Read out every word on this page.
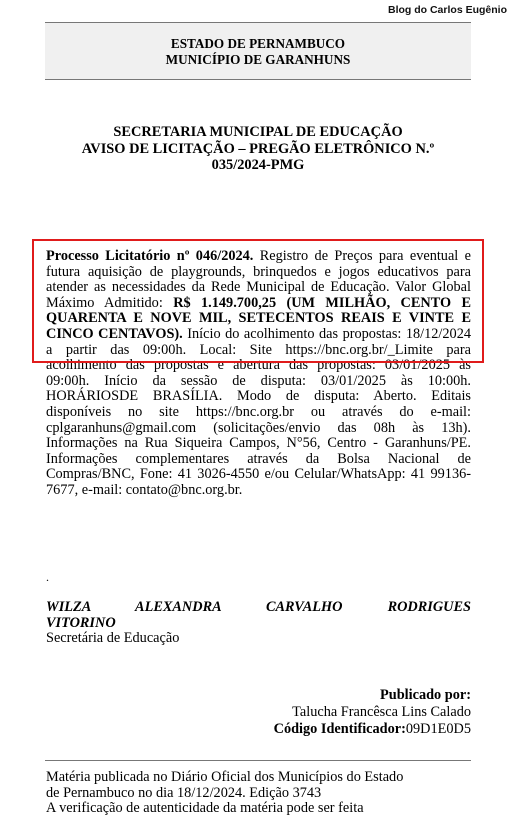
Blog do Carlos Eugênio
ESTADO DE PERNAMBUCO
MUNICÍPIO DE GARANHUNS
SECRETARIA MUNICIPAL DE EDUCAÇÃO
AVISO DE LICITAÇÃO – PREGÃO ELETRÔNICO N.º
035/2024-PMG

Processo Licitatório nº 046/2024. Registro de Preços para eventual e futura aquisição de playgrounds, brinquedos e jogos educativos para atender as necessidades da Rede Municipal de Educação. Valor Global Máximo Admitido: R$ 1.149.700,25 (UM MILHÃO, CENTO E QUARENTA E NOVE MIL, SETECENTOS REAIS E VINTE E CINCO CENTAVOS). Início do acolhimento das propostas: 18/12/2024 a partir das 09:00h. Local: Site https://bnc.org.br/_Limite para acolhimento das propostas e abertura das propostas: 03/01/2025 às 09:00h. Início da sessão de disputa: 03/01/2025 às 10:00h. HORÁRIOSDE BRASÍLIA. Modo de disputa: Aberto. Editais disponíveis no site https://bnc.org.br ou através do e-mail: cplgaranhuns@gmail.com (solicitações/envio das 08h às 13h). Informações na Rua Siqueira Campos, N°56, Centro - Garanhuns/PE. Informações complementares através da Bolsa Nacional de Compras/BNC, Fone: 41 3026-4550 e/ou Celular/WhatsApp: 41 99136-7677, e-mail: contato@bnc.org.br.

.
WILZA ALEXANDRA CARVALHO RODRIGUES
VITORINO
Secretária de Educação
Publicado por:
Talucha Francêsca Lins Calado
Código Identificador:09D1E0D5
Matéria publicada no Diário Oficial dos Municípios do Estado
de Pernambuco no dia 18/12/2024. Edição 3743
A verificação de autenticidade da matéria pode ser feita
